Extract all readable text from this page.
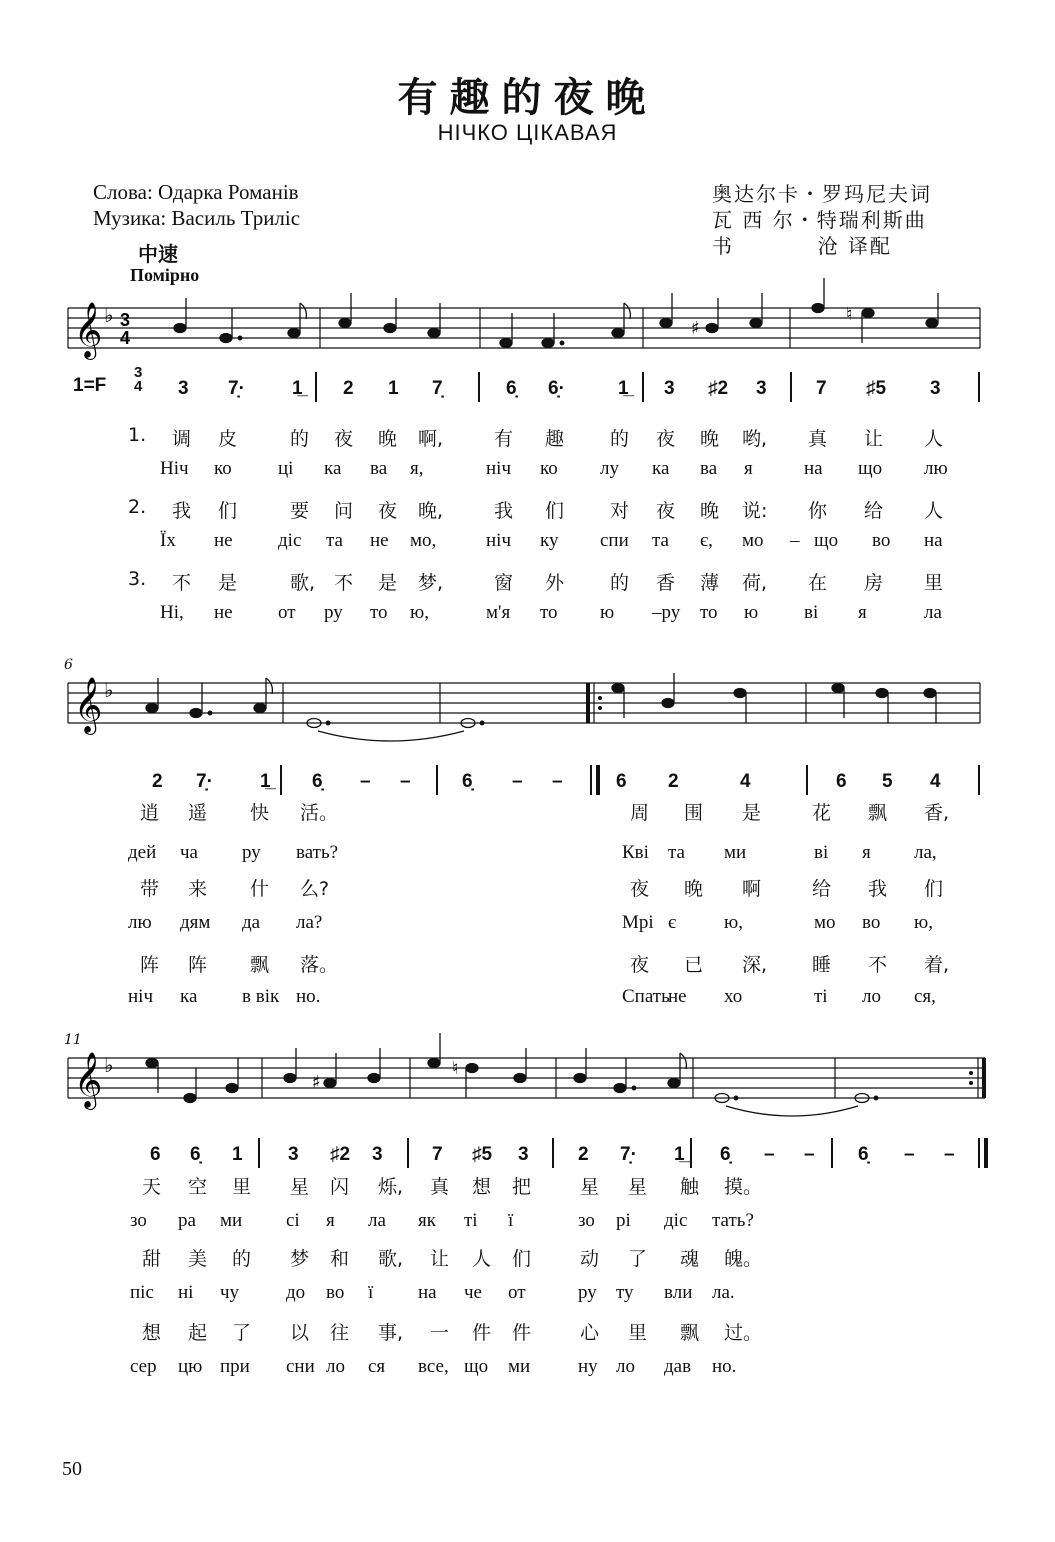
有趣的夜晚
НІЧКО ЦІКАВАЯ
Слова: Одарка Романів
Музика: Василь Триліс
奥达尔卡・罗玛尼夫词
瓦 西 尔・特瑞利斯曲
书          沧 译配
中速
Помірно
6
11
𝄞 ♭ 3
4	♯
♮
𝄞 ♭
𝄞 ♭
♯
♮
1=F
3
4 3 7̣· 1̲ 2 1 7̣	6̣ 6̣·	1̲ 3 ♯2 3	7 ♯5 3
2 7̣· 1̲ 6̣ – –	6̣ – –	6 2	4	6 5 4
6 6̣ 1 3 ♯2 3	7 ♯5 3	2 7̣· 1̲ 6̣ – – 6̣ – –
1. 调 皮	的 夜 晚 啊,	有 趣 的 夜 晚 哟, 真 让 人
Ніч ко ці ка ва я,	ніч ко лу ка ва я	на що лю
2. 我 们	要 问 夜 晚,	我 们 对 夜 晚 说: 你 给 人
Їх не діс та не мо,	ніч ку спи та є, мо – що во на
3. 不 是	歌, 不 是 梦,	窗 外 的 香 薄 荷, 在 房 里
Ні, не от ру то ю,	м'я то ю –ру то ю ві я	ла
逍 遥 快 活。	周 围 是	花 飘 香,
дей ча ру вать?	Кві та ми	ві я ла,
带 来 什 么?	夜 晚 啊	给 我 们
лю дям да ла?	Мрі є	ю,	мо во ю,
阵 阵 飘 落。	夜 已 深, 睡 不 着,
ніч ка в вік но.	Спать
не хо	ті ло ся,
天 空 里 星 闪 烁, 真 想 把	星 星 触 摸。
зо ра ми сі я ла як ті ї	зо рі діс тать?
甜 美 的 梦 和 歌, 让 人 们	动 了 魂 魄。
піс ні чу до во ї на че от	ру ту вли ла.
想 起 了 以 往 事, 一 件 件	心 里 飘 过。
сер цю при сни ло ся все, що ми	ну ло дав но.
50
